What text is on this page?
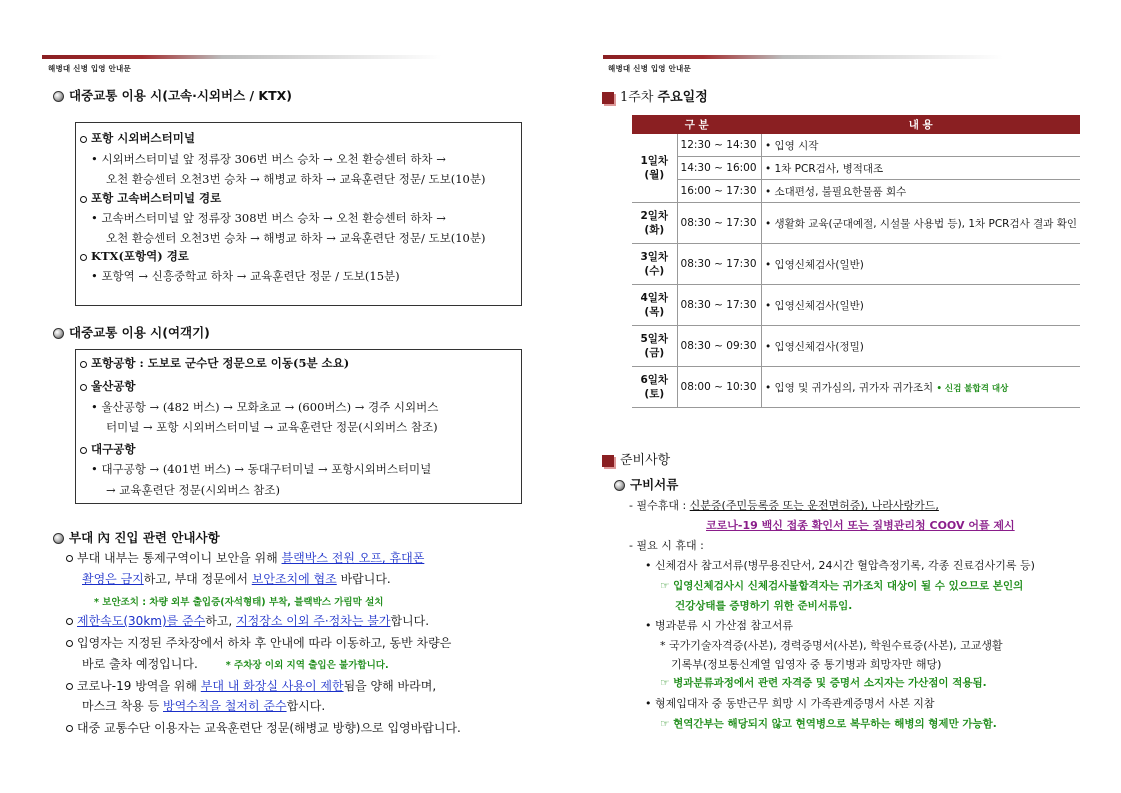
해병대 신병 입영 안내문
대중교통 이용 시(고속·시외버스 / KTX)
포항 시외버스터미널
• 시외버스터미널 앞 정류장 306번 버스 승차 → 오천 환승센터 하차 →
오천 환승센터 오천3번 승차 → 해병교 하차 → 교육훈련단 정문/ 도보(10분)
포항 고속버스터미널 경로
• 고속버스터미널 앞 정류장 308번 버스 승차 → 오천 환승센터 하차 →
오천 환승센터 오천3번 승차 → 해병교 하차 → 교육훈련단 정문/ 도보(10분)
KTX(포항역) 경로
• 포항역 → 신흥중학교 하차 → 교육훈련단 정문 / 도보(15분)
대중교통 이용 시(여객기)
포항공항 : 도보로 군수단 정문으로 이동(5분 소요)
울산공항
• 울산공항 → (482 버스) → 모화초교 → (600버스) → 경주 시외버스
터미널 → 포항 시외버스터미널 → 교육훈련단 정문(시외버스 참조)
대구공항
• 대구공항 → (401번 버스) → 동대구터미널 → 포항시외버스터미널
→ 교육훈련단 정문(시외버스 참조)
부대 內 진입 관련 안내사항
부대 내부는 통제구역이니 보안을 위해 블랙박스 전원 오프, 휴대폰
촬영은 금지하고, 부대 정문에서 보안조치에 협조 바랍니다.
* 보안조치 : 차량 외부 출입증(자석형태) 부착, 블랙박스 가림막 설치
제한속도(30km)를 준수하고, 지정장소 이외 주·정차는 불가합니다.
입영자는 지정된 주차장에서 하차 후 안내에 따라 이동하고, 동반 차량은
바로 출차 예정입니다.	* 주차장 이외 지역 출입은 불가합니다.
코로나-19 방역을 위해 부대 내 화장실 사용이 제한됨을 양해 바라며,
마스크 착용 등 방역수칙을 철저히 준수합시다.
대중 교통수단 이용자는 교육훈련단 정문(해병교 방향)으로 입영바랍니다.
해병대 신병 입영 안내문
1주차 주요일정
구 분		내 용
1일차
(월)	12:30 ~ 14:30	• 입영 시작
	14:30 ~ 16:00	• 1차 PCR검사, 병적대조
	16:00 ~ 17:30	• 소대편성, 불필요한물품 회수
2일차
(화)	08:30 ~ 17:30	• 생활화 교육(군대예절, 시설물 사용법 등), 1차 PCR검사 결과 확인
3일차
(수)	08:30 ~ 17:30	• 입영신체검사(일반)
4일차
(목)	08:30 ~ 17:30	• 입영신체검사(일반)
5일차
(금)	08:30 ~ 09:30	• 입영신체검사(정밀)
6일차
(토)	08:00 ~ 10:30	• 입영 및 귀가심의, 귀가자 귀가조치 • 신검 불합격 대상
준비사항
구비서류
- 필수휴대 : 신분증(주민등록증 또는 운전면허증), 나라사랑카드,
코로나-19 백신 접종 확인서 또는 질병관리청 COOV 어플 제시
- 필요 시 휴대 :
• 신체검사 참고서류(병무용진단서, 24시간 혈압측정기록, 각종 진료검사기록 등)
☞ 입영신체검사시 신체검사불합격자는 귀가조치 대상이 될 수 있으므로 본인의
건강상태를 증명하기 위한 준비서류임.
• 병과분류 시 가산점 참고서류
* 국가기술자격증(사본), 경력증명서(사본), 학원수료증(사본), 고교생활
기록부(정보통신계열 입영자 중 통기병과 희망자만 해당)
☞ 병과분류과정에서 관련 자격증 및 증명서 소지자는 가산점이 적용됨.
• 형제입대자 중 동반근무 희망 시 가족관계증명서 사본 지참
☞ 현역간부는 해당되지 않고 현역병으로 복무하는 해병의 형제만 가능함.
